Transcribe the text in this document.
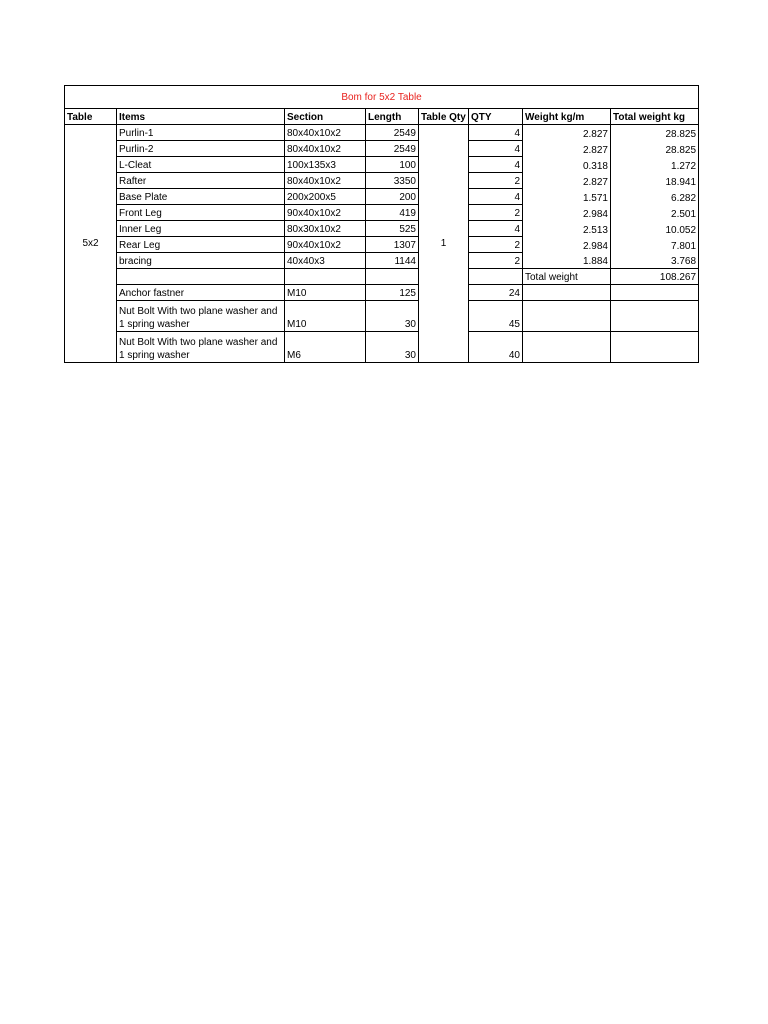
Bom for 5x2 Table							
Table	Items	Section	Length	Table Qty	QTY	Weight kg/m	Total weight kg
5x2	Purlin-1	80x40x10x2	2549	1	4	2.827	28.825
	Purlin-2	80x40x10x2	2549		4	2.827	28.825
	L-Cleat	100x135x3	100		4	0.318	1.272
	Rafter	80x40x10x2	3350		2	2.827	18.941
	Base Plate	200x200x5	200		4	1.571	6.282
	Front Leg	90x40x10x2	419		2	2.984	2.501
	Inner Leg	80x30x10x2	525		4	2.513	10.052
	Rear Leg	90x40x10x2	1307		2	2.984	7.801
	bracing	40x40x3	1144		2	1.884	3.768
						Total weight	108.267
	Anchor fastner	M10	125		24		
	Nut Bolt With two plane washer and 1 spring washer	M10	30		45		
	Nut Bolt With two plane washer and 1 spring washer	M6	30		40		
